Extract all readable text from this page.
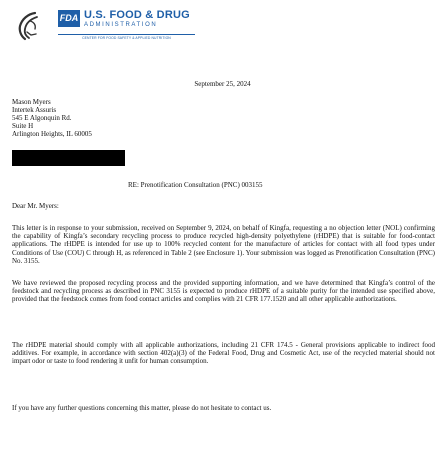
FDA U.S. FOOD & DRUG
ADMINISTRATION
CENTER FOR FOOD SAFETY & APPLIED NUTRITION
September 25, 2024
Mason Myers
Intertek Assuris
545 E Algonquin Rd.
Suite H
Arlington Heights, IL 60005
RE: Prenotification Consultation (PNC) 003155
Dear Mr. Myers:
This letter is in response to your submission, received on September 9, 2024, on behalf of Kingfa, requesting a no objection letter (NOL) confirming the capability of Kingfa’s secondary recycling process to produce recycled high-density polyethylene (rHDPE) that is suitable for food-contact applications. The rHDPE is intended for use up to 100% recycled content for the manufacture of articles for contact with all food types under Conditions of Use (COU) C through H, as referenced in Table 2 (see Enclosure 1). Your submission was logged as Prenotification Consultation (PNC) No. 3155.
We have reviewed the proposed recycling process and the provided supporting information, and we have determined that Kingfa’s control of the feedstock and recycling process as described in PNC 3155 is expected to produce rHDPE of a suitable purity for the intended use specified above, provided that the feedstock comes from food contact articles and complies with 21 CFR 177.1520 and all other applicable authorizations.
The rHDPE material should comply with all applicable authorizations, including 21 CFR 174.5 - General provisions applicable to indirect food additives. For example, in accordance with section 402(a)(3) of the Federal Food, Drug and Cosmetic Act, use of the recycled material should not impart odor or taste to food rendering it unfit for human consumption.
If you have any further questions concerning this matter, please do not hesitate to contact us.
